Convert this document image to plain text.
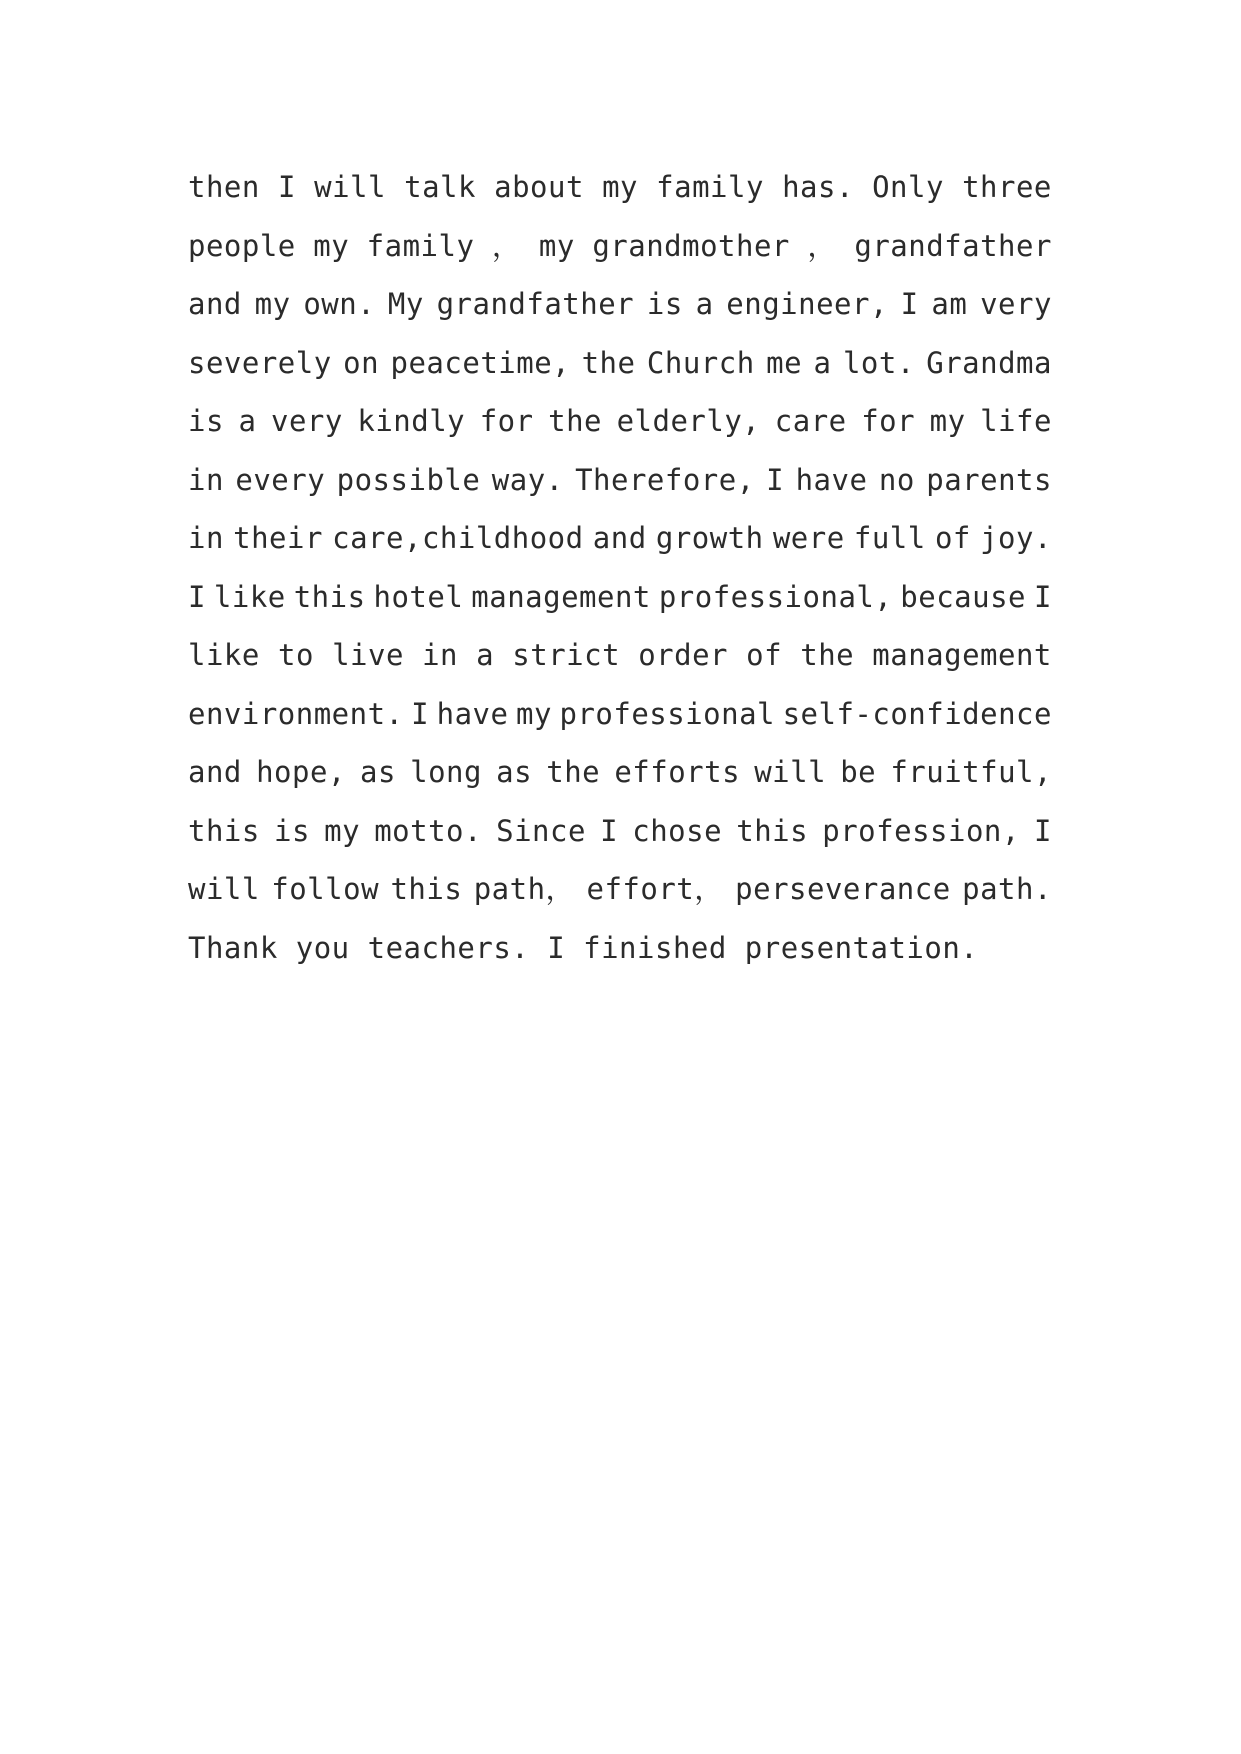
then I will talk about my family has. Only three
people my family ， my grandmother ， grandfather
and my own. My grandfather is a engineer, I am very
severely on peacetime, the Church me a lot. Grandma
is a very kindly for the elderly, care for my life
in every possible way. Therefore, I have no parents
in their care,childhood and growth were full of joy.
I like this hotel management professional, because I
like to live in a strict order of the management
environment. I have my professional self-confidence
and hope, as long as the efforts will be fruitful,
this is my motto. Since I chose this profession, I
will follow this path， effort， perseverance path.
Thank you teachers. I finished presentation.
